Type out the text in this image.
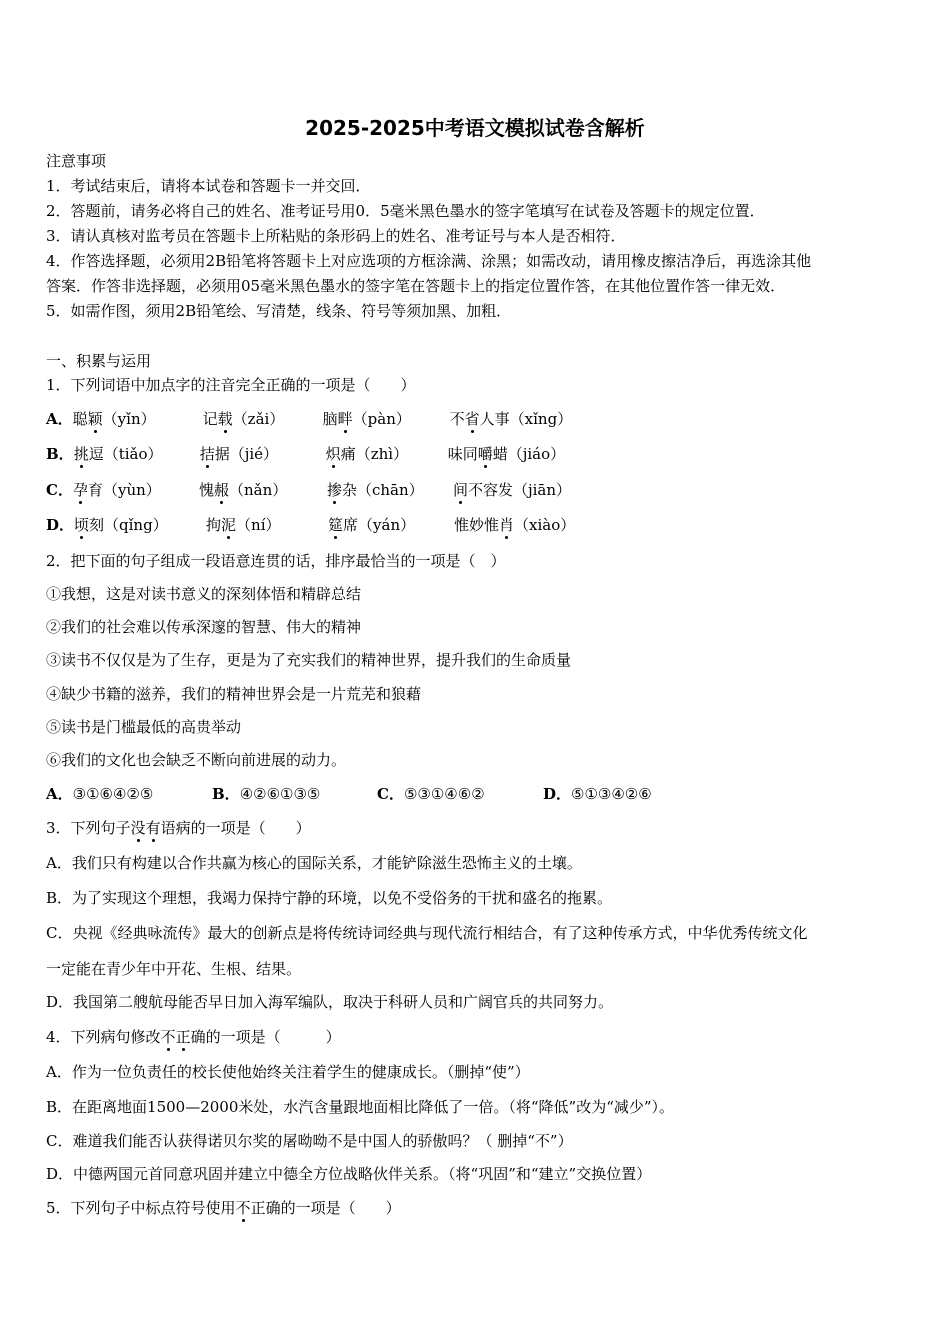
2025-2025中考语文模拟试卷含解析
注意事项
1．考试结束后，请将本试卷和答题卡一并交回．
2．答题前，请务必将自己的姓名、准考证号用0．5毫米黑色墨水的签字笔填写在试卷及答题卡的规定位置．
3．请认真核对监考员在答题卡上所粘贴的条形码上的姓名、准考证号与本人是否相符．
4．作答选择题，必须用2B铅笔将答题卡上对应选项的方框涂满、涂黑；如需改动，请用橡皮擦洁净后，再选涂其他
答案．作答非选择题，必须用05毫米黑色墨水的签字笔在答题卡上的指定位置作答，在其他位置作答一律无效．
5．如需作图，须用2B铅笔绘、写清楚，线条、符号等须加黑、加粗．
一、积累与运用
1．下列词语中加点字的注音完全正确的一项是（　　）
A．聪颖（yǐn）	记载（zǎi）	脑畔（pàn）	不省人事（xǐng）
B．挑逗（tiǎo） 拮据（jié）	炽痛（zhì）	味同嚼蜡（jiáo）
C．孕育（yùn）	愧赧（nǎn）	掺杂（chān） 间不容发（jiān）
D．顷刻（qǐng）	拘泥（ní）	筵席（yán）	惟妙惟肖（xiào）
2．把下面的句子组成一段语意连贯的话，排序最恰当的一项是（　）
①我想，这是对读书意义的深刻体悟和精辟总结
②我们的社会难以传承深邃的智慧、伟大的精神
③读书不仅仅是为了生存，更是为了充实我们的精神世界，提升我们的生命质量
④缺少书籍的滋养，我们的精神世界会是一片荒芜和狼藉
⑤读书是门槛最低的高贵举动
⑥我们的文化也会缺乏不断向前进展的动力。
A．③①⑥④②⑤	B．④②⑥①③⑤	C．⑤③①④⑥②	D．⑤①③④②⑥
3．下列句子没有语病的一项是（　　）
A．我们只有构建以合作共赢为核心的国际关系，才能铲除滋生恐怖主义的土壤。
B．为了实现这个理想，我竭力保持宁静的环境，以免不受俗务的干扰和盛名的拖累。
C．央视《经典咏流传》最大的创新点是将传统诗词经典与现代流行相结合，有了这种传承方式，中华优秀传统文化
一定能在青少年中开花、生根、结果。
D．我国第二艘航母能否早日加入海军编队，取决于科研人员和广阔官兵的共同努力。
4．下列病句修改不正确的一项是（　　　）
A．作为一位负责任的校长使他始终关注着学生的健康成长。（删掉“使”）
B．在距离地面1500—2000米处，水汽含量跟地面相比降低了一倍。（将“降低”改为“减少”）。
C．难道我们能否认获得诺贝尔奖的屠呦呦不是中国人的骄傲吗？（ 删掉“不”）
D．中德两国元首同意巩固并建立中德全方位战略伙伴关系。（将“巩固”和“建立”交换位置）
5．下列句子中标点符号使用不正确的一项是（　　）
